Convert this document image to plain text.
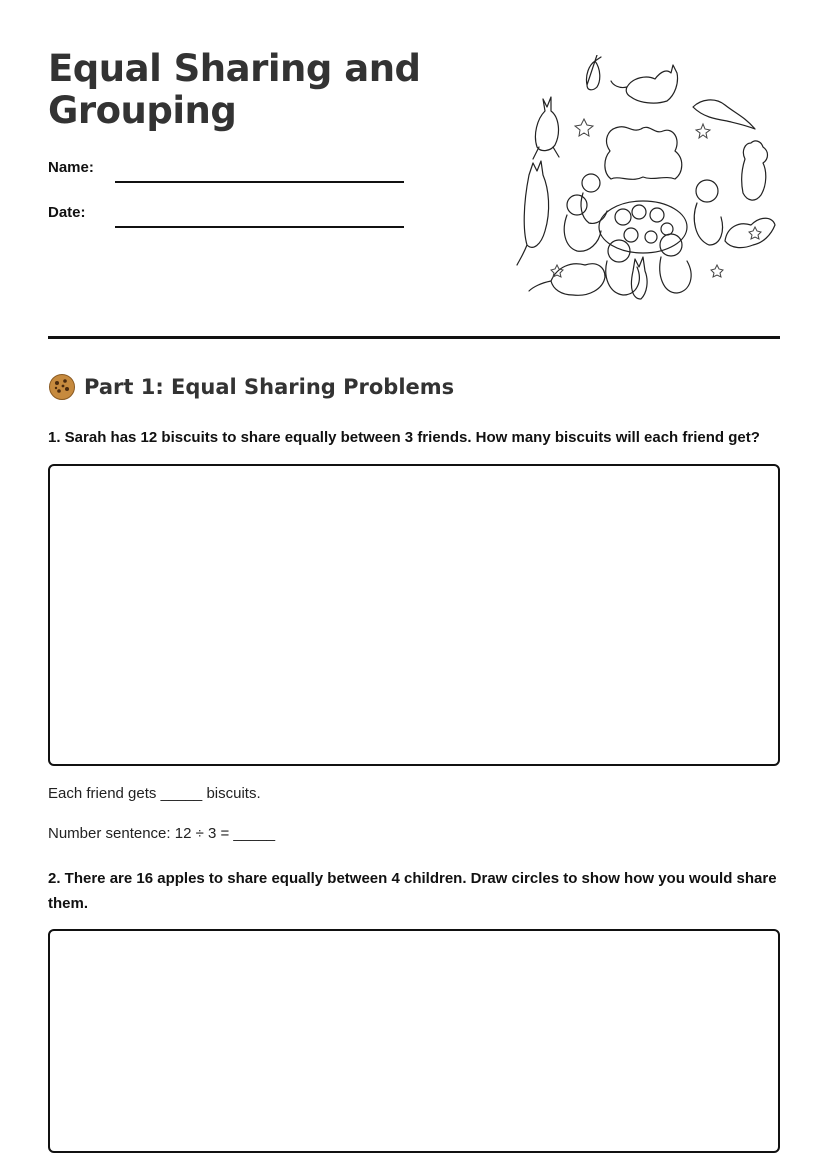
Equal Sharing and
Grouping
Name:
Date:
Part 1: Equal Sharing Problems

1. Sarah has 12 biscuits to share equally between 3 friends. How many biscuits will each friend get?

Each friend gets _____ biscuits.

Number sentence: 12 ÷ 3 = _____

2. There are 16 apples to share equally between 4 children. Draw circles to show how you would share them.
